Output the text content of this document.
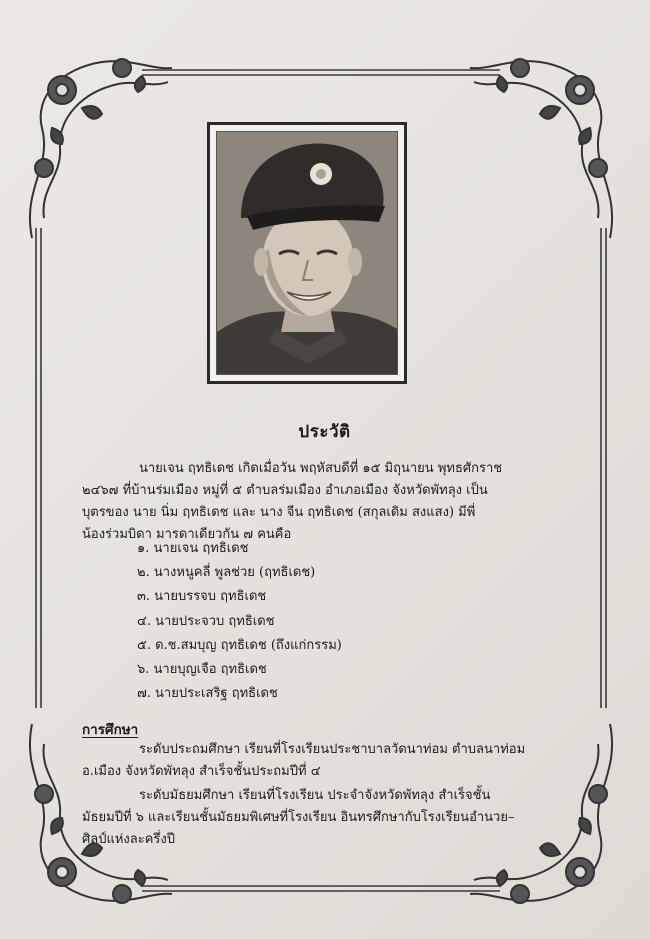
ประวัติ
นายเจน ฤทธิเดช เกิดเมื่อวัน พฤหัสบดีที่ ๑๕ มิถุนายน พุทธศักราช
๒๔๖๗ ที่บ้านร่มเมือง หมู่ที่ ๕ ตำบลร่มเมือง อำเภอเมือง จังหวัดพัทลุง เป็น
บุตรของ นาย นิ่ม ฤทธิเดช และ นาง จีน ฤทธิเดช (สกุลเดิม สงแสง) มีพี่
น้องร่วมบิดา มารดาเดียวกัน ๗ คนคือ
๑. นายเจน ฤทธิเดช
๒. นางหนูคลี่ พูลช่วย (ฤทธิเดช)
๓. นายบรรจบ ฤทธิเดช
๔. นายประจวบ ฤทธิเดช
๕. ด.ช.สมบุญ ฤทธิเดช (ถึงแก่กรรม)
๖. นายบุญเจือ ฤทธิเดช
๗. นายประเสริฐ ฤทธิเดช
การศึกษา
ระดับประถมศึกษา เรียนที่โรงเรียนประชาบาลวัดนาท่อม ตำบลนาท่อม
อ.เมือง จังหวัดพัทลุง สำเร็จชั้นประถมปีที่ ๔
ระดับมัธยมศึกษา เรียนที่โรงเรียน ประจำจังหวัดพัทลุง สำเร็จชั้น
มัธยมปีที่ ๖ และเรียนชั้นมัธยมพิเศษที่โรงเรียน อินทรศึกษากับโรงเรียนอำนวย–
ศิลป์แห่งละครึ่งปี
